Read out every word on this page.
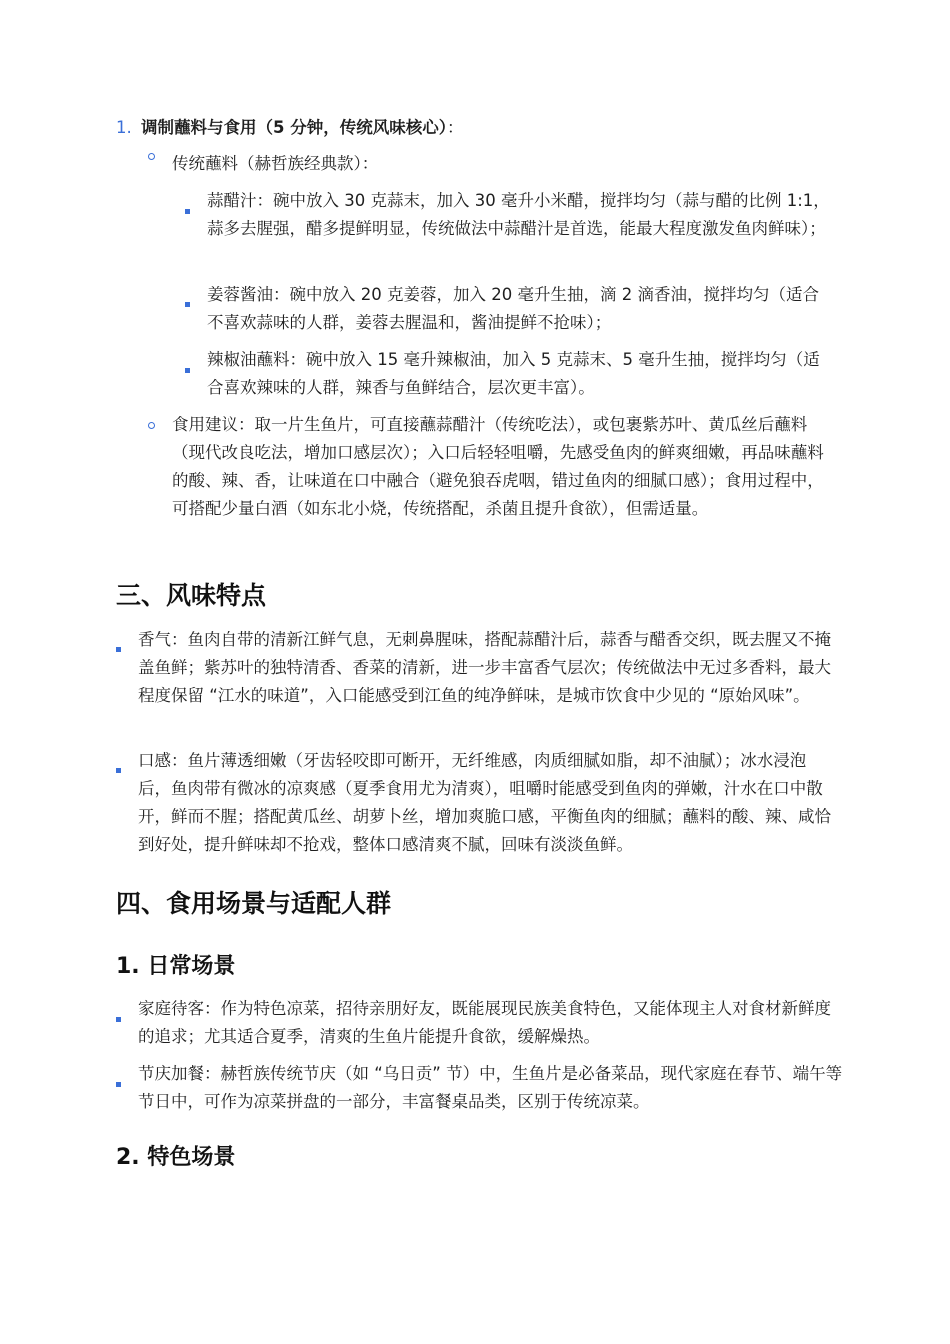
1. 调制蘸料与食用（5 分钟，传统风味核心）：
传统蘸料（赫哲族经典款）：
蒜醋汁：碗中放入 30 克蒜末，加入 30 毫升小米醋，搅拌均匀（蒜与醋的比例 1:1，蒜多去腥强，醋多提鲜明显，传统做法中蒜醋汁是首选，能最大程度激发鱼肉鲜味）；
姜蓉酱油：碗中放入 20 克姜蓉，加入 20 毫升生抽，滴 2 滴香油，搅拌均匀（适合不喜欢蒜味的人群，姜蓉去腥温和，酱油提鲜不抢味）；
辣椒油蘸料：碗中放入 15 毫升辣椒油，加入 5 克蒜末、5 毫升生抽，搅拌均匀（适合喜欢辣味的人群，辣香与鱼鲜结合，层次更丰富）。
食用建议：取一片生鱼片，可直接蘸蒜醋汁（传统吃法），或包裹紫苏叶、黄瓜丝后蘸料（现代改良吃法，增加口感层次）；入口后轻轻咀嚼，先感受鱼肉的鲜爽细嫩，再品味蘸料的酸、辣、香，让味道在口中融合（避免狼吞虎咽，错过鱼肉的细腻口感）；食用过程中，可搭配少量白酒（如东北小烧，传统搭配，杀菌且提升食欲），但需适量。
三、风味特点
香气：鱼肉自带的清新江鲜气息，无刺鼻腥味，搭配蒜醋汁后，蒜香与醋香交织，既去腥又不掩盖鱼鲜；紫苏叶的独特清香、香菜的清新，进一步丰富香气层次；传统做法中无过多香料，最大程度保留 “江水的味道”，入口能感受到江鱼的纯净鲜味，是城市饮食中少见的 “原始风味”。
口感：鱼片薄透细嫩（牙齿轻咬即可断开，无纤维感，肉质细腻如脂，却不油腻）；冰水浸泡后，鱼肉带有微冰的凉爽感（夏季食用尤为清爽），咀嚼时能感受到鱼肉的弹嫩，汁水在口中散开，鲜而不腥；搭配黄瓜丝、胡萝卜丝，增加爽脆口感，平衡鱼肉的细腻；蘸料的酸、辣、咸恰到好处，提升鲜味却不抢戏，整体口感清爽不腻，回味有淡淡鱼鲜。
四、食用场景与适配人群
1. 日常场景
家庭待客：作为特色凉菜，招待亲朋好友，既能展现民族美食特色，又能体现主人对食材新鲜度的追求；尤其适合夏季，清爽的生鱼片能提升食欲，缓解燥热。
节庆加餐：赫哲族传统节庆（如 “乌日贡” 节）中，生鱼片是必备菜品，现代家庭在春节、端午等节日中，可作为凉菜拼盘的一部分，丰富餐桌品类，区别于传统凉菜。
2. 特色场景
